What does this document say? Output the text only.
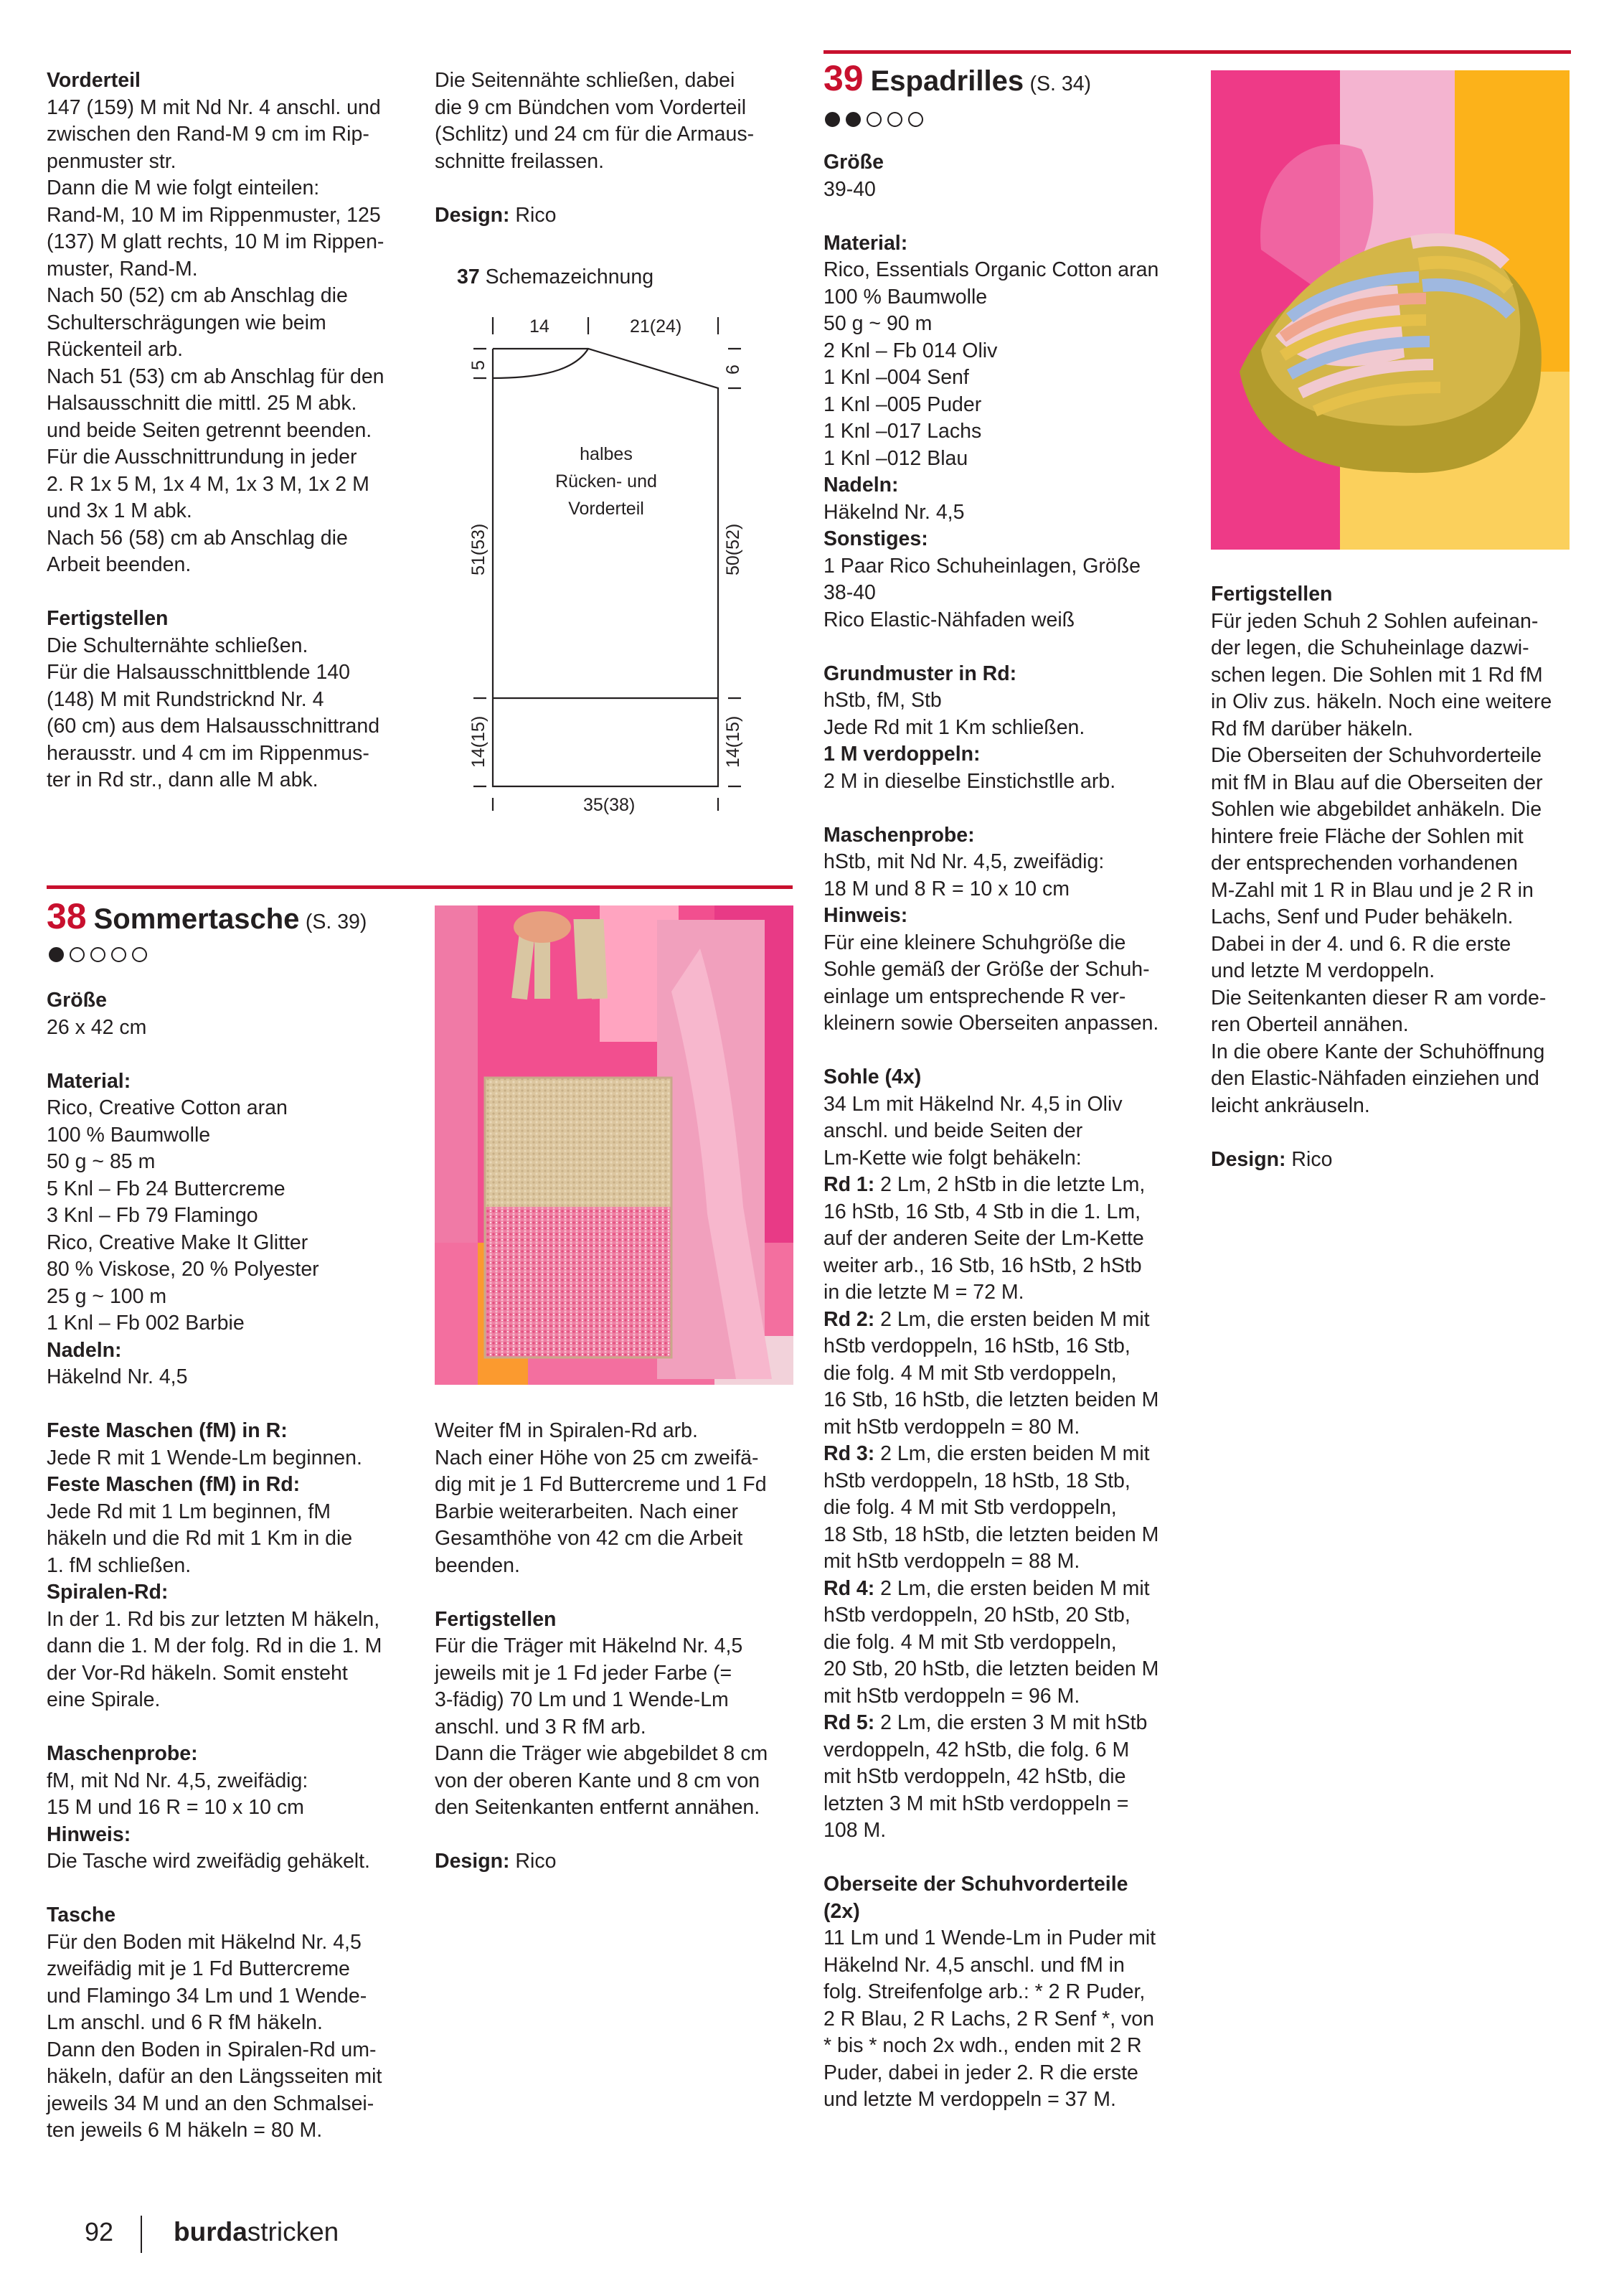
Vorderteil
147 (159) M mit Nd Nr. 4 anschl. und
zwischen den Rand-M 9 cm im Rip-
penmuster str.
Dann die M wie folgt einteilen:
Rand-M, 10 M im Rippenmuster, 125
(137) M glatt rechts, 10 M im Rippen-
muster, Rand-M.
Nach 50 (52) cm ab Anschlag die
Schulterschrägungen wie beim
Rückenteil arb.
Nach 51 (53) cm ab Anschlag für den
Halsausschnitt die mittl. 25 M abk.
und beide Seiten getrennt beenden.
Für die Ausschnittrundung in jeder
2. R 1x 5 M, 1x 4 M, 1x 3 M, 1x 2 M
und 3x 1 M abk.
Nach 56 (58) cm ab Anschlag die
Arbeit beenden.

Fertigstellen
Die Schulternähte schließen.
Für die Halsausschnittblende 140
(148) M mit Rundstricknd Nr. 4
(60 cm) aus dem Halsausschnittrand
herausstr. und 4 cm im Rippenmus-
ter in Rd str., dann alle M abk.

Die Seitennähte schließen, dabei
die 9 cm Bündchen vom Vorderteil
(Schlitz) und 24 cm für die Armaus-
schnitte freilassen.

Design: Rico

37 Schemazeichnung
14	21(24)
5	6
51(53)	50(52)
14(15)	14(15)
35(38)
halbes
Rücken- und
Vorderteil
38 Sommertasche (S. 39)

Größe
26 x 42 cm

Material:
Rico, Creative Cotton aran
100 % Baumwolle
50 g ~ 85 m
5 Knl – Fb 24 Buttercreme
3 Knl – Fb 79 Flamingo
Rico, Creative Make It Glitter
80 % Viskose, 20 % Polyester
25 g ~ 100 m
1 Knl – Fb 002 Barbie
Nadeln:
Häkelnd Nr. 4,5

Feste Maschen (fM) in R:
Jede R mit 1 Wende-Lm beginnen.
Feste Maschen (fM) in Rd:
Jede Rd mit 1 Lm beginnen, fM
häkeln und die Rd mit 1 Km in die
1. fM schließen.
Spiralen-Rd:
In der 1. Rd bis zur letzten M häkeln,
dann die 1. M der folg. Rd in die 1. M
der Vor-Rd häkeln. Somit ensteht
eine Spirale.

Maschenprobe:
fM, mit Nd Nr. 4,5, zweifädig:
15 M und 16 R = 10 x 10 cm
Hinweis:
Die Tasche wird zweifädig gehäkelt.

Tasche
Für den Boden mit Häkelnd Nr. 4,5
zweifädig mit je 1 Fd Buttercreme
und Flamingo 34 Lm und 1 Wende-
Lm anschl. und 6 R fM häkeln.
Dann den Boden in Spiralen-Rd um-
häkeln, dafür an den Längsseiten mit
jeweils 34 M und an den Schmalsei-
ten jeweils 6 M häkeln = 80 M.

Weiter fM in Spiralen-Rd arb.
Nach einer Höhe von 25 cm zweifä-
dig mit je 1 Fd Buttercreme und 1 Fd
Barbie weiterarbeiten. Nach einer
Gesamthöhe von 42 cm die Arbeit
beenden.

Fertigstellen
Für die Träger mit Häkelnd Nr. 4,5
jeweils mit je 1 Fd jeder Farbe (=
3-fädig) 70 Lm und 1 Wende-Lm
anschl. und 3 R fM arb.
Dann die Träger wie abgebildet 8 cm
von der oberen Kante und 8 cm von
den Seitenkanten entfernt annähen.

Design: Rico

39 Espadrilles (S. 34)

Größe
39-40

Material:
Rico, Essentials Organic Cotton aran
100 % Baumwolle
50 g ~ 90 m
2 Knl – Fb 014 Oliv
1 Knl –004 Senf
1 Knl –005 Puder
1 Knl –017 Lachs
1 Knl –012 Blau
Nadeln:
Häkelnd Nr. 4,5
Sonstiges:
1 Paar Rico Schuheinlagen, Größe
38-40
Rico Elastic-Nähfaden weiß

Grundmuster in Rd:
hStb, fM, Stb
Jede Rd mit 1 Km schließen.
1 M verdoppeln:
2 M in dieselbe Einstichstlle arb.

Maschenprobe:
hStb, mit Nd Nr. 4,5, zweifädig:
18 M und 8 R = 10 x 10 cm
Hinweis:
Für eine kleinere Schuhgröße die
Sohle gemäß der Größe der Schuh-
einlage um entsprechende R ver-
kleinern sowie Oberseiten anpassen.

Sohle (4x)
34 Lm mit Häkelnd Nr. 4,5 in Oliv
anschl. und beide Seiten der
Lm-Kette wie folgt behäkeln:
Rd 1: 2 Lm, 2 hStb in die letzte Lm,
16 hStb, 16 Stb, 4 Stb in die 1. Lm,
auf der anderen Seite der Lm-Kette
weiter arb., 16 Stb, 16 hStb, 2 hStb
in die letzte M = 72 M.
Rd 2: 2 Lm, die ersten beiden M mit
hStb verdoppeln, 16 hStb, 16 Stb,
die folg. 4 M mit Stb verdoppeln,
16 Stb, 16 hStb, die letzten beiden M
mit hStb verdoppeln = 80 M.
Rd 3: 2 Lm, die ersten beiden M mit
hStb verdoppeln, 18 hStb, 18 Stb,
die folg. 4 M mit Stb verdoppeln,
18 Stb, 18 hStb, die letzten beiden M
mit hStb verdoppeln = 88 M.
Rd 4: 2 Lm, die ersten beiden M mit
hStb verdoppeln, 20 hStb, 20 Stb,
die folg. 4 M mit Stb verdoppeln,
20 Stb, 20 hStb, die letzten beiden M
mit hStb verdoppeln = 96 M.
Rd 5: 2 Lm, die ersten 3 M mit hStb
verdoppeln, 42 hStb, die folg. 6 M
mit hStb verdoppeln, 42 hStb, die
letzten 3 M mit hStb verdoppeln =
108 M.

Oberseite der Schuhvorderteile
(2x)
11 Lm und 1 Wende-Lm in Puder mit
Häkelnd Nr. 4,5 anschl. und fM in
folg. Streifenfolge arb.: * 2 R Puder,
2 R Blau, 2 R Lachs, 2 R Senf *, von
* bis * noch 2x wdh., enden mit 2 R
Puder, dabei in jeder 2. R die erste
und letzte M verdoppeln = 37 M.

Fertigstellen
Für jeden Schuh 2 Sohlen aufeinan-
der legen, die Schuheinlage dazwi-
schen legen. Die Sohlen mit 1 Rd fM
in Oliv zus. häkeln. Noch eine weitere
Rd fM darüber häkeln.
Die Oberseiten der Schuhvorderteile
mit fM in Blau auf die Oberseiten der
Sohlen wie abgebildet anhäkeln. Die
hintere freie Fläche der Sohlen mit
der entsprechenden vorhandenen
M-Zahl mit 1 R in Blau und je 2 R in
Lachs, Senf und Puder behäkeln.
Dabei in der 4. und 6. R die erste
und letzte M verdoppeln.
Die Seitenkanten dieser R am vorde-
ren Oberteil annähen.
In die obere Kante der Schuhöffnung
den Elastic-Nähfaden einziehen und
leicht ankräuseln.

Design: Rico

92 burdastricken
